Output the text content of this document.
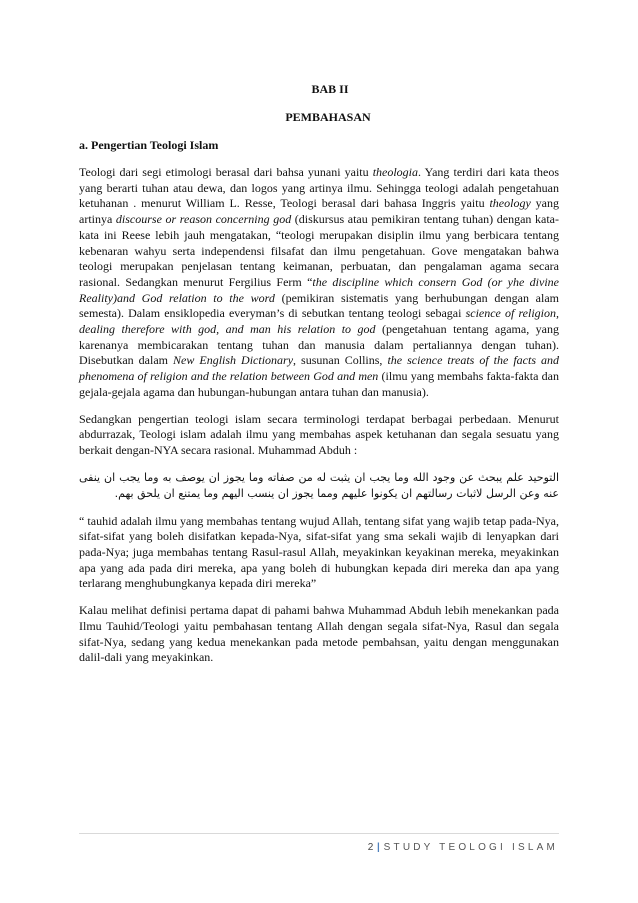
BAB II
PEMBAHASAN
a. Pengertian Teologi Islam

Teologi dari segi etimologi berasal dari bahsa yunani yaitu theologia. Yang terdiri dari kata theos yang berarti tuhan atau dewa, dan logos yang artinya ilmu. Sehingga teologi adalah pengetahuan ketuhanan . menurut William L. Resse, Teologi berasal dari bahasa Inggris yaitu theology yang artinya discourse or reason concerning god (diskursus atau pemikiran tentang tuhan) dengan kata-kata ini Reese lebih jauh mengatakan, “teologi merupakan disiplin ilmu yang berbicara tentang kebenaran wahyu serta independensi filsafat dan ilmu pengetahuan. Gove mengatakan bahwa teologi merupakan penjelasan tentang keimanan, perbuatan, dan pengalaman agama secara rasional. Sedangkan menurut Fergilius Ferm “the discipline which consern God (or yhe divine Reality)and God relation to the word (pemikiran sistematis yang berhubungan dengan alam semesta). Dalam ensiklopedia everyman’s di sebutkan tentang teologi sebagai science of religion, dealing therefore with god, and man his relation to god (pengetahuan tentang agama, yang karenanya membicarakan tentang tuhan dan manusia dalam pertaliannya dengan tuhan). Disebutkan dalam New English Dictionary, susunan Collins, the science treats of the facts and phenomena of religion and the relation between God and men (ilmu yang membahs fakta-fakta dan gejala-gejala agama dan hubungan-hubungan antara tuhan dan manusia).

Sedangkan pengertian teologi islam secara terminologi terdapat berbagai perbedaan. Menurut abdurrazak, Teologi islam adalah ilmu yang membahas aspek ketuhanan dan segala sesuatu yang berkait dengan-NYA secara rasional. Muhammad Abduh :

التوحيد علم يبحث عن وجود الله وما يجب ان يثبت له من صفاته وما يجوز ان يوصف به وما يجب ان ينفى عنه وعن الرسل لاثبات رسالتهم ان يكونوا عليهم ومما يجوز ان ينسب اليهم وما يمتنع ان يلحق بهم.

“ tauhid adalah ilmu yang membahas tentang wujud Allah, tentang sifat yang wajib tetap pada-Nya, sifat-sifat yang boleh disifatkan kepada-Nya, sifat-sifat yang sma sekali wajib di lenyapkan dari pada-Nya; juga membahas tentang Rasul-rasul Allah, meyakinkan keyakinan mereka, meyakinkan apa yang ada pada diri mereka, apa yang boleh di hubungkan kepada diri mereka dan apa yang terlarang menghubungkanya kepada diri mereka”

Kalau melihat definisi pertama dapat di pahami bahwa Muhammad Abduh lebih menekankan pada Ilmu Tauhid/Teologi yaitu pembahasan tentang Allah dengan segala sifat-Nya, Rasul dan segala sifat-Nya, sedang yang kedua menekankan pada metode pembahsan, yaitu dengan menggunakan dalil-dali yang meyakinkan.

2 | STUDY TEOLOGI ISLAM
